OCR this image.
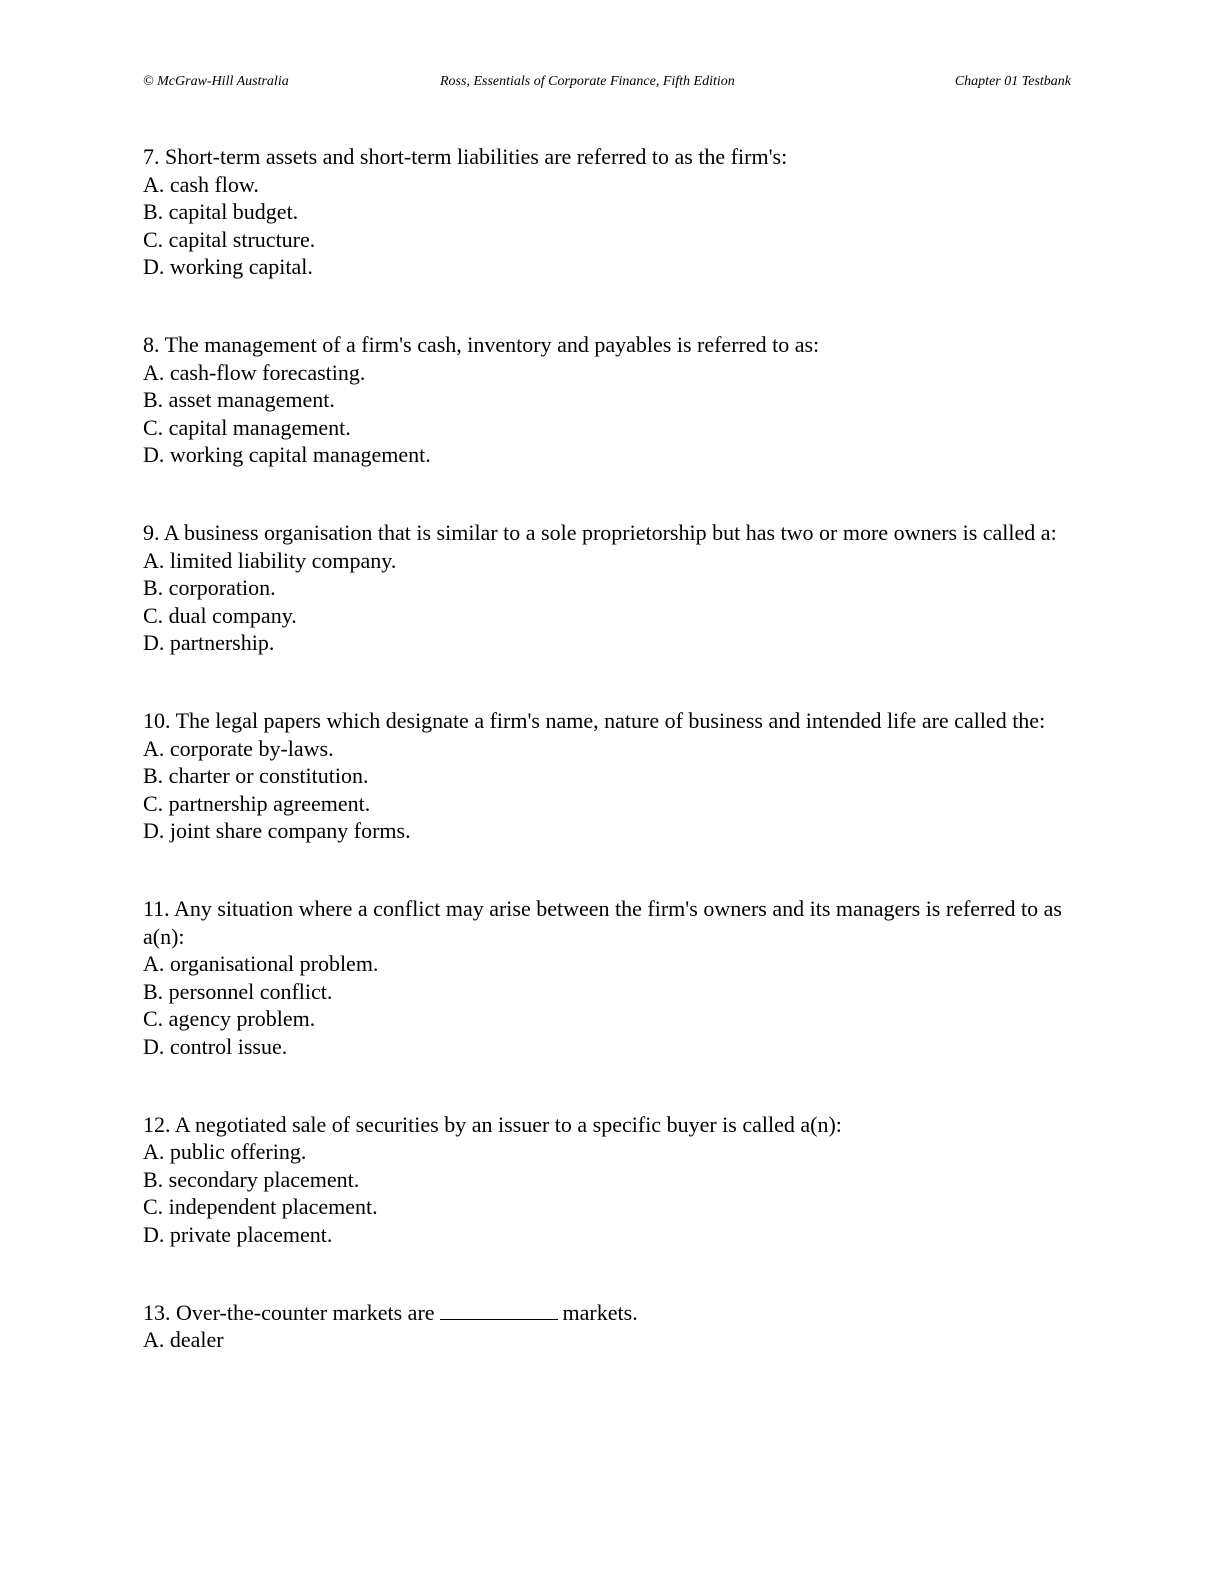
© McGraw-Hill Australia	Ross, Essentials of Corporate Finance, Fifth Edition	Chapter 01 Testbank
7. Short-term assets and short-term liabilities are referred to as the firm's:
A. cash flow.
B. capital budget.
C. capital structure.
D. working capital.
8. The management of a firm's cash, inventory and payables is referred to as:
A. cash-flow forecasting.
B. asset management.
C. capital management.
D. working capital management.
9. A business organisation that is similar to a sole proprietorship but has two or more owners is called a:
A. limited liability company.
B. corporation.
C. dual company.
D. partnership.
10. The legal papers which designate a firm's name, nature of business and intended life are called the:
A. corporate by-laws.
B. charter or constitution.
C. partnership agreement.
D. joint share company forms.
11. Any situation where a conflict may arise between the firm's owners and its managers is referred to as a(n):
A. organisational problem.
B. personnel conflict.
C. agency problem.
D. control issue.
12. A negotiated sale of securities by an issuer to a specific buyer is called a(n):
A. public offering.
B. secondary placement.
C. independent placement.
D. private placement.
13. Over-the-counter markets are	markets.
A. dealer
